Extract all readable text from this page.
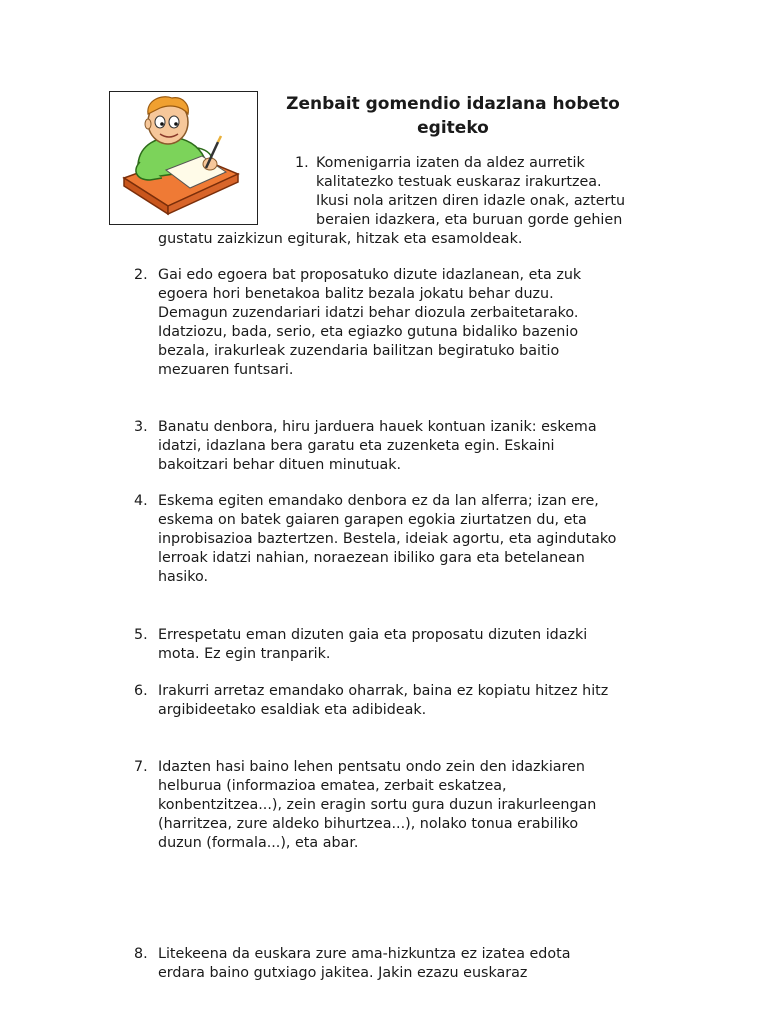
Zenbait gomendio idazlana hobeto egiteko
1. Komenigarria izaten da aldez aurretik
kalitatezko testuak euskaraz irakurtzea.
Ikusi nola aritzen diren idazle onak, aztertu
beraien idazkera, eta buruan gorde gehien
gustatu zaizkizun egiturak, hitzak eta esamoldeak.
2. Gai edo egoera bat proposatuko dizute idazlanean, eta zuk
egoera hori benetakoa balitz bezala jokatu behar duzu.
Demagun zuzendariari idatzi behar diozula zerbaitetarako.
Idatziozu, bada, serio, eta egiazko gutuna bidaliko bazenio
bezala, irakurleak zuzendaria bailitzan begiratuko baitio
mezuaren funtsari.
3. Banatu denbora, hiru jarduera hauek kontuan izanik: eskema
idatzi, idazlana bera garatu eta zuzenketa egin. Eskaini
bakoitzari behar dituen minutuak.
4. Eskema egiten emandako denbora ez da lan alferra; izan ere,
eskema on batek gaiaren garapen egokia ziurtatzen du, eta
inprobisazioa baztertzen. Bestela, ideiak agortu, eta agindutako
lerroak idatzi nahian, noraezean ibiliko gara eta betelanean
hasiko.
5. Errespetatu eman dizuten gaia eta proposatu dizuten idazki
mota. Ez egin tranparik.
6. Irakurri arretaz emandako oharrak, baina ez kopiatu hitzez hitz
argibideetako esaldiak eta adibideak.
7. Idazten hasi baino lehen pentsatu ondo zein den idazkiaren
helburua (informazioa ematea, zerbait eskatzea,
konbentzitzea...), zein eragin sortu gura duzun irakurleengan
(harritzea, zure aldeko bihurtzea...), nolako tonua erabiliko
duzun (formala...), eta abar.
8. Litekeena da euskara zure ama-hizkuntza ez izatea edota
erdara baino gutxiago jakitea. Jakin ezazu euskaraz
